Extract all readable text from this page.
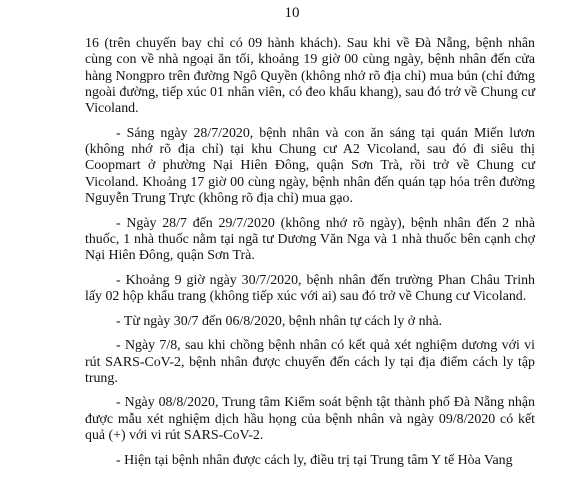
10

16 (trên chuyến bay chỉ có 09 hành khách). Sau khi về Đà Nẵng, bệnh nhân cùng con về nhà ngoại ăn tối, khoảng 19 giờ 00 cùng ngày, bệnh nhân đến cửa hàng Nongpro trên đường Ngô Quyền (không nhớ rõ địa chỉ) mua bún (chỉ đứng ngoài đường, tiếp xúc 01 nhân viên, có đeo khẩu khang), sau đó trở về Chung cư Vicoland.

- Sáng ngày 28/7/2020, bệnh nhân và con ăn sáng tại quán Miến lươn (không nhớ rõ địa chỉ) tại khu Chung cư A2 Vicoland, sau đó đi siêu thị Coopmart ở phường Nại Hiên Đông, quận Sơn Trà, rồi trở về Chung cư Vicoland. Khoảng 17 giờ 00 cùng ngày, bệnh nhân đến quán tạp hóa trên đường Nguyễn Trung Trực (không rõ địa chỉ) mua gạo.

- Ngày 28/7 đến 29/7/2020 (không nhớ rõ ngày), bệnh nhân đến 2 nhà thuốc, 1 nhà thuốc nằm tại ngã tư Dương Văn Nga và 1 nhà thuốc bên cạnh chợ Nại Hiên Đông, quận Sơn Trà.

- Khoảng 9 giờ ngày 30/7/2020, bệnh nhân đến trường Phan Châu Trinh lấy 02 hộp khẩu trang (không tiếp xúc với ai) sau đó trở về Chung cư Vicoland.

- Từ ngày 30/7 đến 06/8/2020, bệnh nhân tự cách ly ở nhà.

- Ngày 7/8, sau khi chồng bệnh nhân có kết quả xét nghiệm dương với vi rút SARS-CoV-2, bệnh nhân được chuyển đến cách ly tại địa điểm cách ly tập trung.

- Ngày 08/8/2020, Trung tâm Kiểm soát bệnh tật thành phố Đà Nẵng nhận được mẫu xét nghiệm dịch hầu họng của bệnh nhân và ngày 09/8/2020 có kết quả (+) với vi rút SARS-CoV-2.

- Hiện tại bệnh nhân được cách ly, điều trị tại Trung tâm Y tế Hòa Vang
